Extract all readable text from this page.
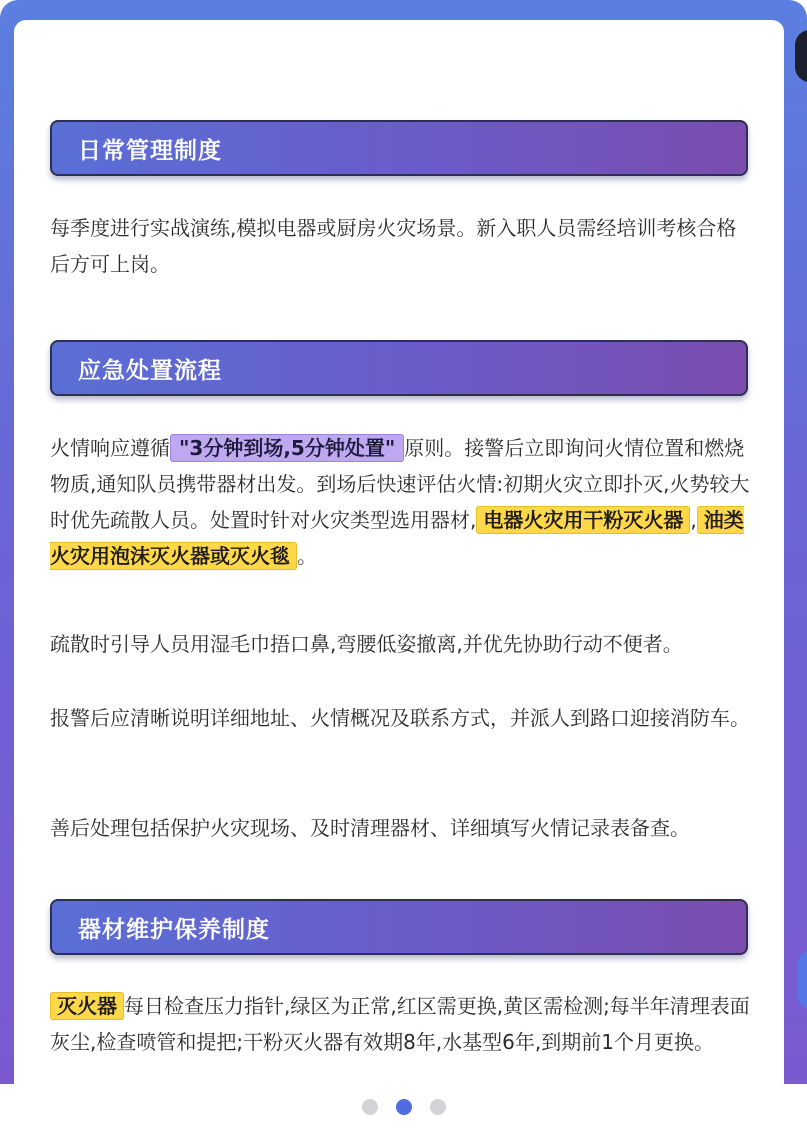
日常管理制度

每季度进行实战演练,模拟电器或厨房火灾场景。新入职人员需经培训考核合格后方可上岗。

应急处置流程

火情响应遵循 "3分钟到场,5分钟处置" 原则。接警后立即询问火情位置和燃烧物质,通知队员携带器材出发。到场后快速评估火情:初期火灾立即扑灭,火势较大时优先疏散人员。处置时针对火灾类型选用器材, 电器火灾用干粉灭火器 , 油类火灾用泡沫灭火器或灭火毯 。

疏散时引导人员用湿毛巾捂口鼻,弯腰低姿撤离,并优先协助行动不便者。

报警后应清晰说明详细地址、火情概况及联系方式，并派人到路口迎接消防车。

善后处理包括保护火灾现场、及时清理器材、详细填写火情记录表备查。

器材维护保养制度

灭火器 每日检查压力指针,绿区为正常,红区需更换,黄区需检测;每半年清理表面灰尘,检查喷管和提把;干粉灭火器有效期8年,水基型6年,到期前1个月更换。
